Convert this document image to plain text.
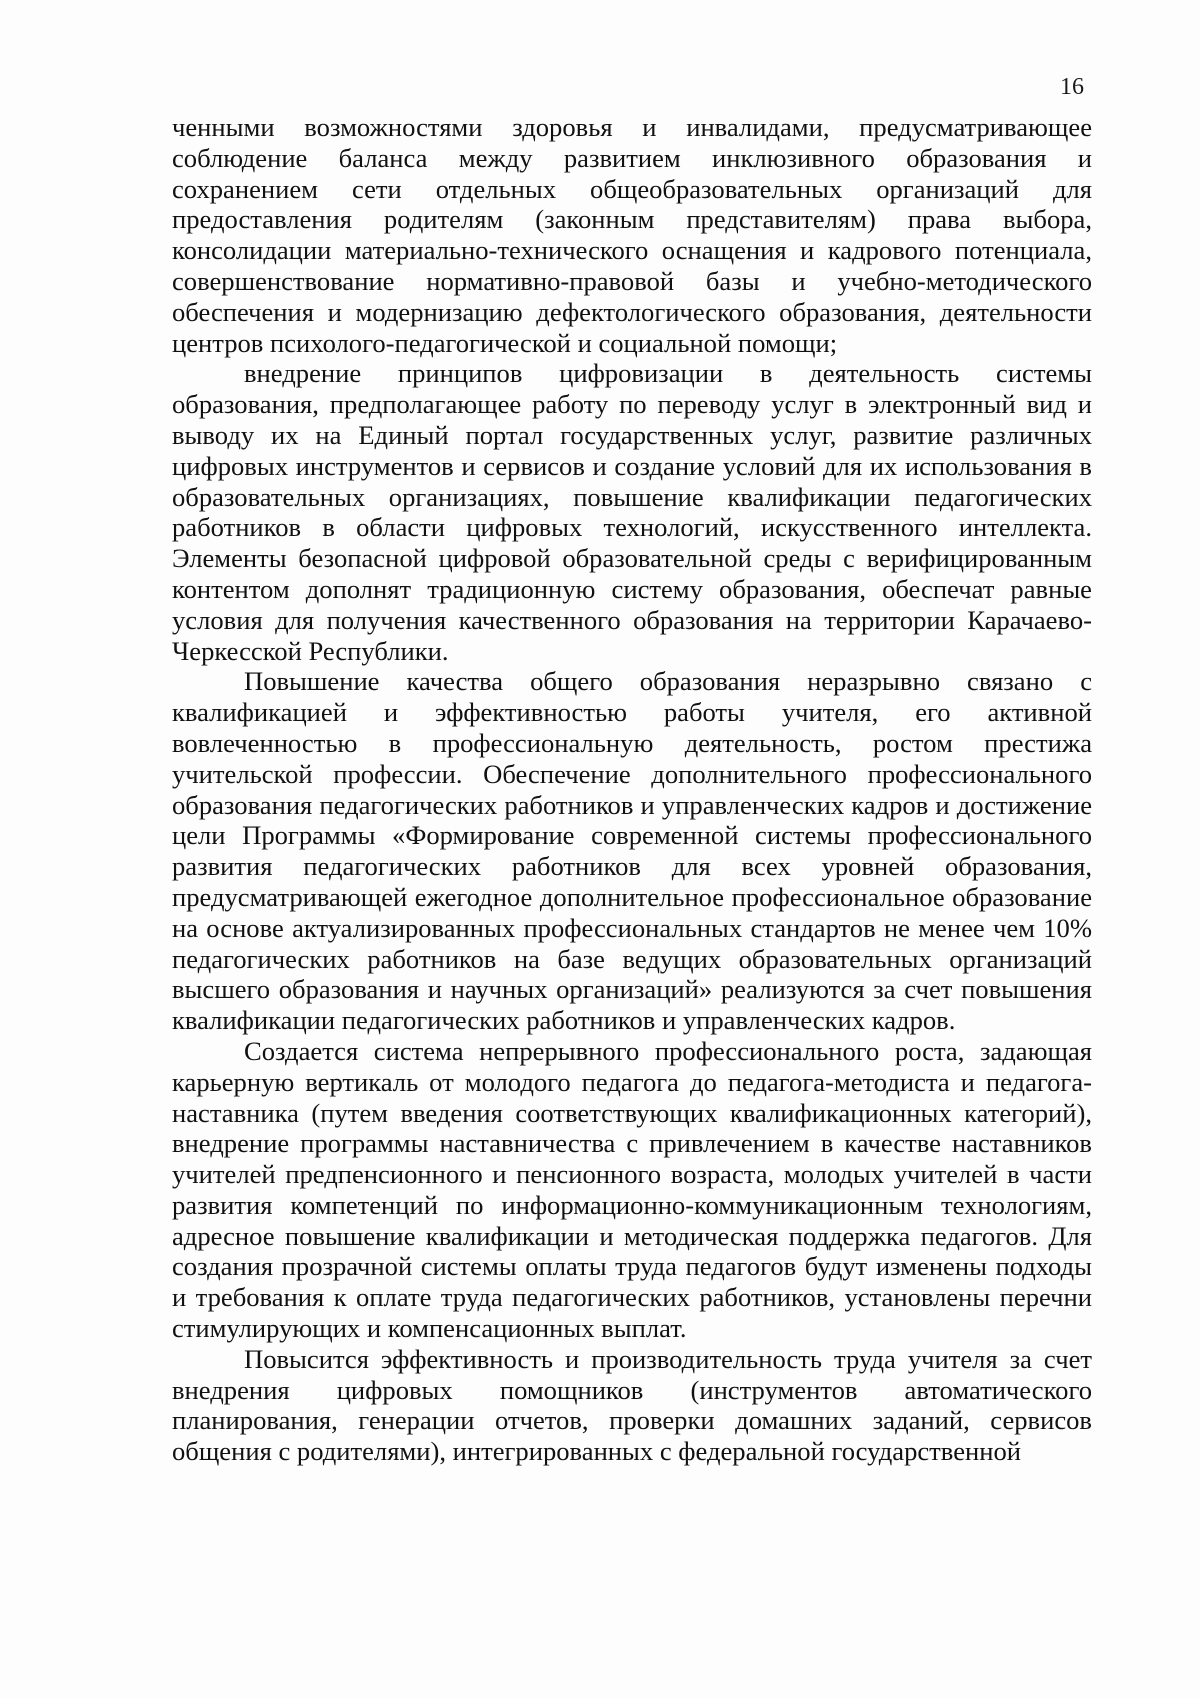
16

ченными возможностями здоровья и инвалидами, предусматривающее соблюдение баланса между развитием инклюзивного образования и сохранением сети отдельных общеобразовательных организаций для предоставления родителям (законным представителям) права выбора, консолидации материально-технического оснащения и кадрового потенциала, совершенствование нормативно-правовой базы и учебно-методического обеспечения и модернизацию дефектологического образования, деятельности центров психолого-педагогической и социальной помощи;

внедрение принципов цифровизации в деятельность системы образования, предполагающее работу по переводу услуг в электронный вид и выводу их на Единый портал государственных услуг, развитие различных цифровых инструментов и сервисов и создание условий для их использования в образовательных организациях, повышение квалификации педагогических работников в области цифровых технологий, искусственного интеллекта. Элементы безопасной цифровой образовательной среды с верифицированным контентом дополнят традиционную систему образования, обеспечат равные условия для получения качественного образования на территории Карачаево-Черкесской Республики.

Повышение качества общего образования неразрывно связано с квалификацией и эффективностью работы учителя, его активной вовлеченностью в профессиональную деятельность, ростом престижа учительской профессии. Обеспечение дополнительного профессионального образования педагогических работников и управленческих кадров и достижение цели Программы «Формирование современной системы профессионального развития педагогических работников для всех уровней образования, предусматривающей ежегодное дополнительное профессиональное образование на основе актуализированных профессиональных стандартов не менее чем 10% педагогических работников на базе ведущих образовательных организаций высшего образования и научных организаций» реализуются за счет повышения квалификации педагогических работников и управленческих кадров.

Создается система непрерывного профессионального роста, задающая карьерную вертикаль от молодого педагога до педагога-методиста и педагога-наставника (путем введения соответствующих квалификационных категорий), внедрение программы наставничества с привлечением в качестве наставников учителей предпенсионного и пенсионного возраста, молодых учителей в части развития компетенций по информационно-коммуникационным технологиям, адресное повышение квалификации и методическая поддержка педагогов. Для создания прозрачной системы оплаты труда педагогов будут изменены подходы и требования к оплате труда педагогических работников, установлены перечни стимулирующих и компенсационных выплат.

Повысится эффективность и производительность труда учителя за счет внедрения цифровых помощников (инструментов автоматического планирования, генерации отчетов, проверки домашних заданий, сервисов общения с родителями), интегрированных с федеральной государственной
